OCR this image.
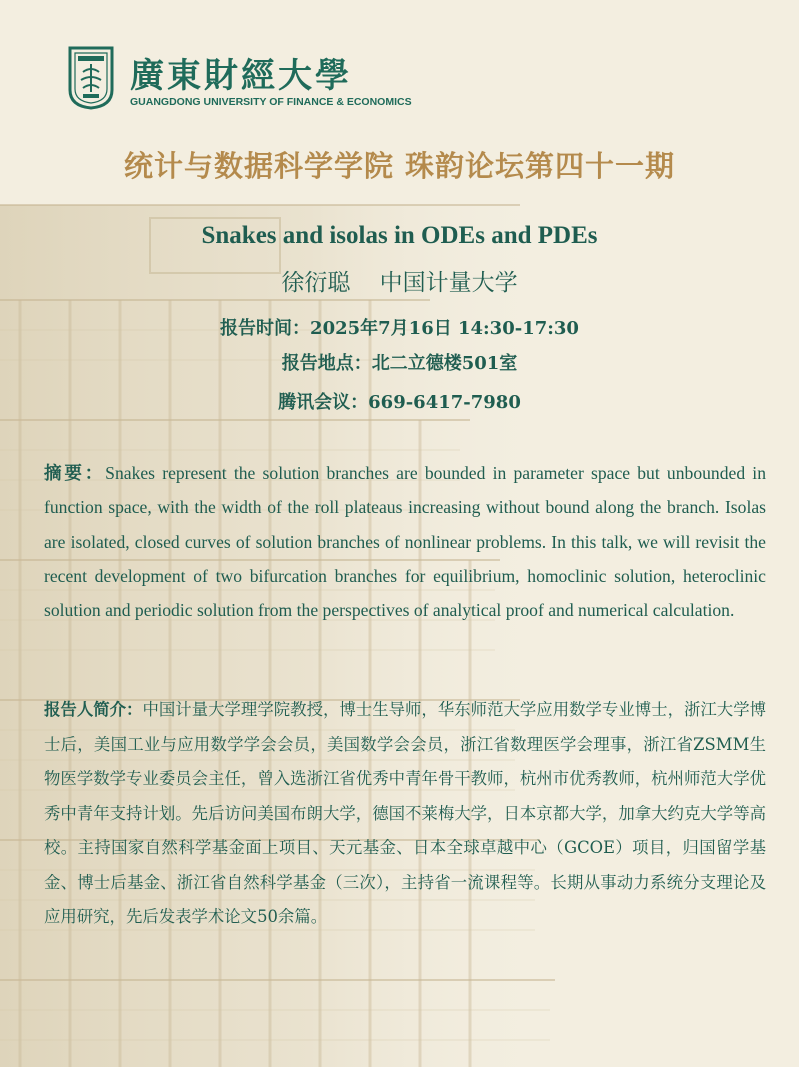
廣東財經大學
GUANGDONG UNIVERSITY OF FINANCE & ECONOMICS
统计与数据科学学院 珠韵论坛第四十一期
Snakes and isolas in ODEs and PDEs
徐衍聪    中国计量大学
报告时间：2025年7月16日 14:30-17:30
报告地点：北二立德楼501室
腾讯会议：669-6417-7980
摘要：Snakes represent the solution branches are bounded in parameter space but unbounded in function space, with the width of the roll plateaus increasing without bound along the branch. Isolas are isolated, closed curves of solution branches of nonlinear problems. In this talk, we will revisit the recent development of two bifurcation branches for equilibrium, homoclinic solution, heteroclinic solution and periodic solution from the perspectives of analytical proof and numerical calculation.
报告人简介：中国计量大学理学院教授，博士生导师，华东师范大学应用数学专业博士，浙江大学博士后，美国工业与应用数学学会会员，美国数学会会员，浙江省数理医学会理事，浙江省ZSMM生物医学数学专业委员会主任，曾入选浙江省优秀中青年骨干教师，杭州市优秀教师，杭州师范大学优秀中青年支持计划。先后访问美国布朗大学，德国不莱梅大学，日本京都大学，加拿大约克大学等高校。主持国家自然科学基金面上项目、天元基金、日本全球卓越中心（GCOE）项目，归国留学基金、博士后基金、浙江省自然科学基金（三次），主持省一流课程等。长期从事动力系统分支理论及应用研究，先后发表学术论文50余篇。
